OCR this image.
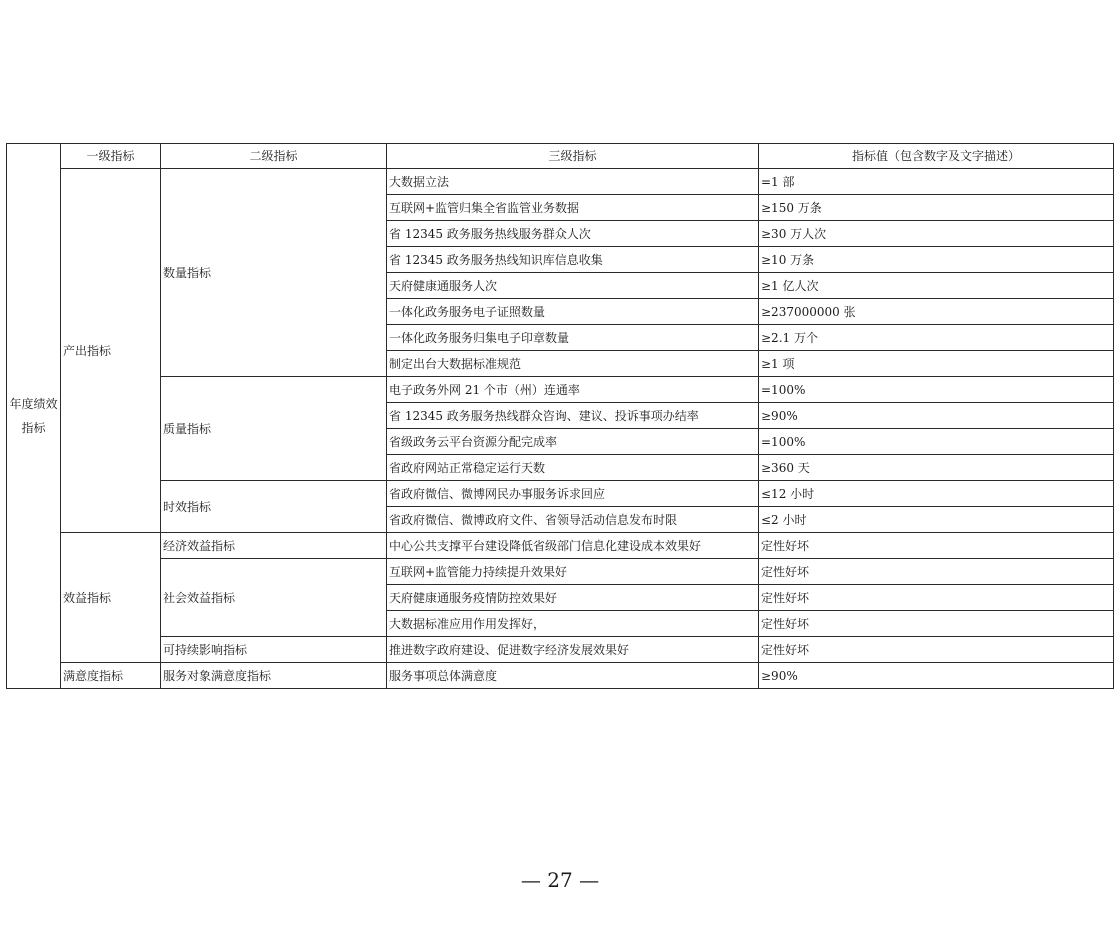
年度绩效指标	一级指标	二级指标	三级指标	指标值（包含数字及文字描述）
	产出指标	数量指标	大数据立法	=1 部
			互联网+监管归集全省监管业务数据	≥150 万条
			省 12345 政务服务热线服务群众人次	≥30 万人次
			省 12345 政务服务热线知识库信息收集	≥10 万条
			天府健康通服务人次	≥1 亿人次
			一体化政务服务电子证照数量	≥237000000 张
			一体化政务服务归集电子印章数量	≥2.1 万个
			制定出台大数据标准规范	≥1 项
		质量指标	电子政务外网 21 个市（州）连通率	=100%
			省 12345 政务服务热线群众咨询、建议、投诉事项办结率	≥90%
			省级政务云平台资源分配完成率	=100%
			省政府网站正常稳定运行天数	≥360 天
		时效指标	省政府微信、微博网民办事服务诉求回应	≤12 小时
			省政府微信、微博政府文件、省领导活动信息发布时限	≤2 小时
	效益指标	经济效益指标	中心公共支撑平台建设降低省级部门信息化建设成本效果好	定性好坏
		社会效益指标	互联网+监管能力持续提升效果好	定性好坏
			天府健康通服务疫情防控效果好	定性好坏
			大数据标准应用作用发挥好，	定性好坏
		可持续影响指标	推进数字政府建设、促进数字经济发展效果好	定性好坏
	满意度指标	服务对象满意度指标	服务事项总体满意度	≥90%
— 27 —
